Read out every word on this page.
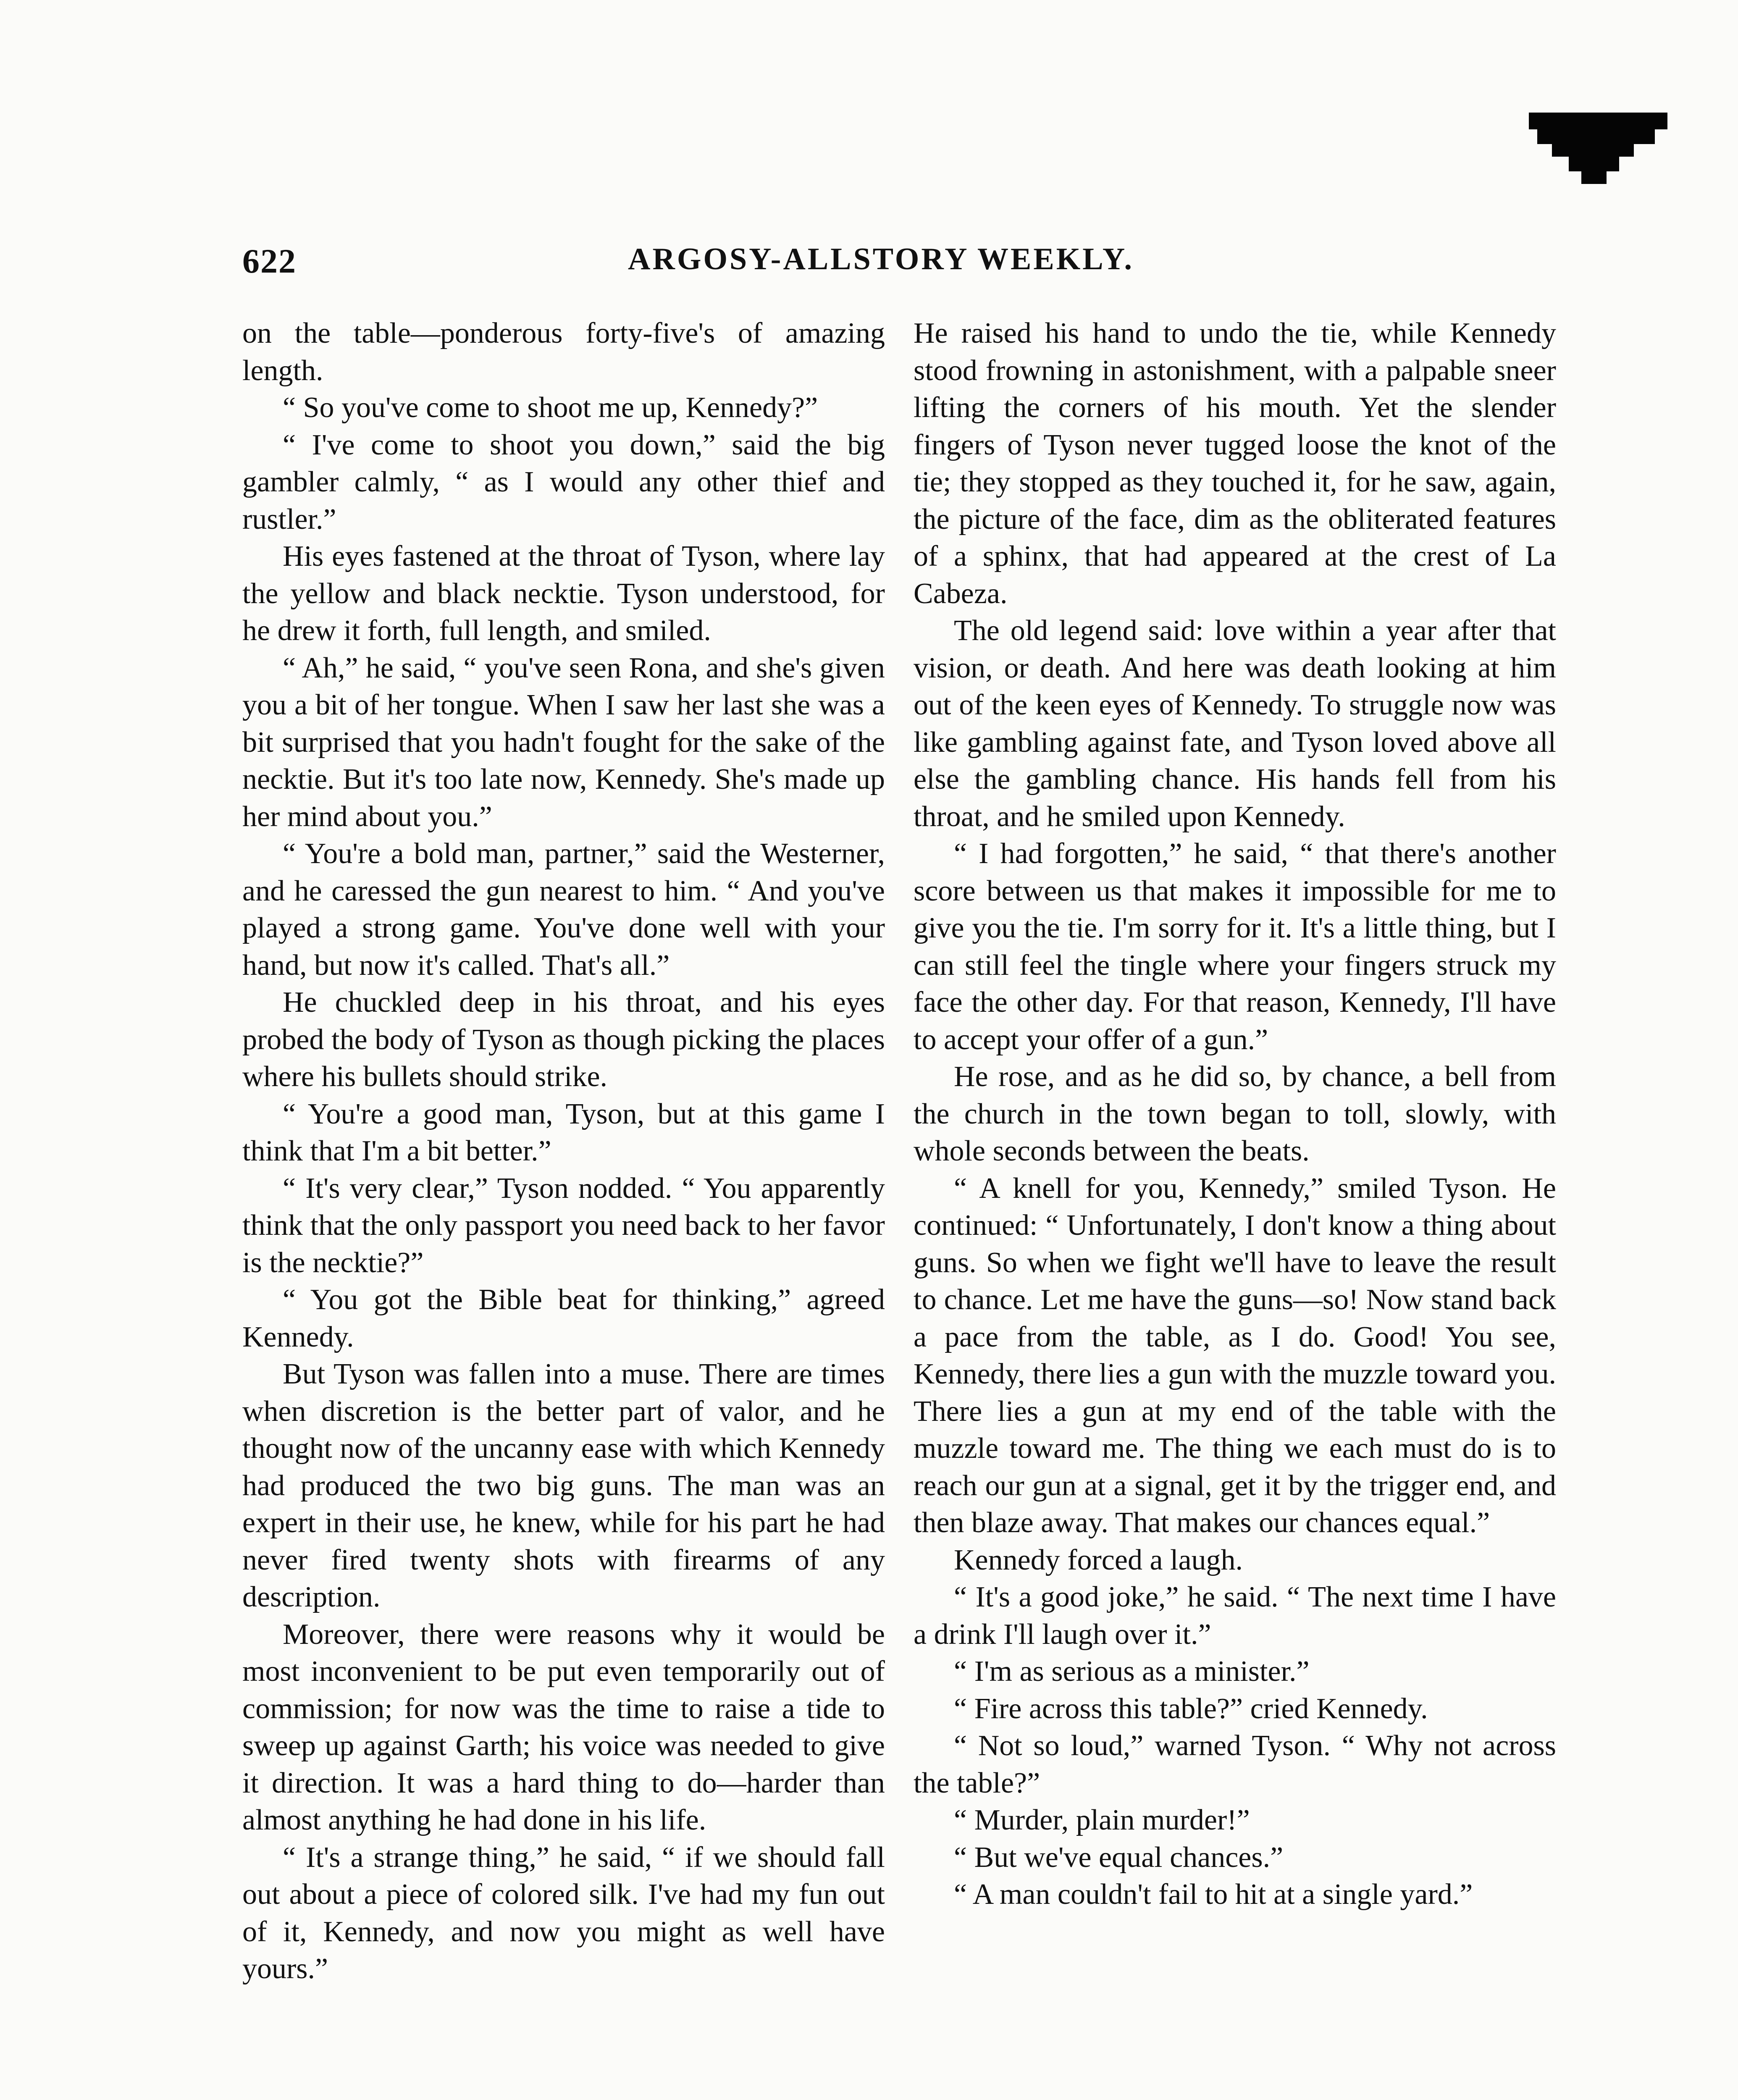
622	ARGOSY-ALLSTORY WEEKLY.

on the table—ponderous forty-five's of amazing length.

“ So you've come to shoot me up, Kennedy?”

“ I've come to shoot you down,” said the big gambler calmly, “ as I would any other thief and rustler.”

His eyes fastened at the throat of Tyson, where lay the yellow and black necktie. Tyson understood, for he drew it forth, full length, and smiled.

“ Ah,” he said, “ you've seen Rona, and she's given you a bit of her tongue. When I saw her last she was a bit surprised that you hadn't fought for the sake of the necktie. But it's too late now, Kennedy. She's made up her mind about you.”

“ You're a bold man, partner,” said the Westerner, and he caressed the gun nearest to him. “ And you've played a strong game. You've done well with your hand, but now it's called. That's all.”

He chuckled deep in his throat, and his eyes probed the body of Tyson as though picking the places where his bullets should strike.

“ You're a good man, Tyson, but at this game I think that I'm a bit better.”

“ It's very clear,” Tyson nodded. “ You apparently think that the only passport you need back to her favor is the necktie?”

“ You got the Bible beat for thinking,” agreed Kennedy.

But Tyson was fallen into a muse. There are times when discretion is the better part of valor, and he thought now of the uncanny ease with which Kennedy had produced the two big guns. The man was an expert in their use, he knew, while for his part he had never fired twenty shots with firearms of any description.

Moreover, there were reasons why it would be most inconvenient to be put even temporarily out of commission; for now was the time to raise a tide to sweep up against Garth; his voice was needed to give it direction. It was a hard thing to do—harder than almost anything he had done in his life.

“ It's a strange thing,” he said, “ if we should fall out about a piece of colored silk. I've had my fun out of it, Kennedy, and now you might as well have yours.”

He raised his hand to undo the tie, while Kennedy stood frowning in astonishment, with a palpable sneer lifting the corners of his mouth. Yet the slender fingers of Tyson never tugged loose the knot of the tie; they stopped as they touched it, for he saw, again, the picture of the face, dim as the obliterated features of a sphinx, that had appeared at the crest of La Cabeza.

The old legend said: love within a year after that vision, or death. And here was death looking at him out of the keen eyes of Kennedy. To struggle now was like gambling against fate, and Tyson loved above all else the gambling chance. His hands fell from his throat, and he smiled upon Kennedy.

“ I had forgotten,” he said, “ that there's another score between us that makes it impossible for me to give you the tie. I'm sorry for it. It's a little thing, but I can still feel the tingle where your fingers struck my face the other day. For that reason, Kennedy, I'll have to accept your offer of a gun.”

He rose, and as he did so, by chance, a bell from the church in the town began to toll, slowly, with whole seconds between the beats.

“ A knell for you, Kennedy,” smiled Tyson. He continued: “ Unfortunately, I don't know a thing about guns. So when we fight we'll have to leave the result to chance. Let me have the guns—so! Now stand back a pace from the table, as I do. Good! You see, Kennedy, there lies a gun with the muzzle toward you. There lies a gun at my end of the table with the muzzle toward me. The thing we each must do is to reach our gun at a signal, get it by the trigger end, and then blaze away. That makes our chances equal.”

Kennedy forced a laugh.

“ It's a good joke,” he said. “ The next time I have a drink I'll laugh over it.”

“ I'm as serious as a minister.”

“ Fire across this table?” cried Kennedy.

“ Not so loud,” warned Tyson. “ Why not across the table?”

“ Murder, plain murder!”

“ But we've equal chances.”

“ A man couldn't fail to hit at a single yard.”
